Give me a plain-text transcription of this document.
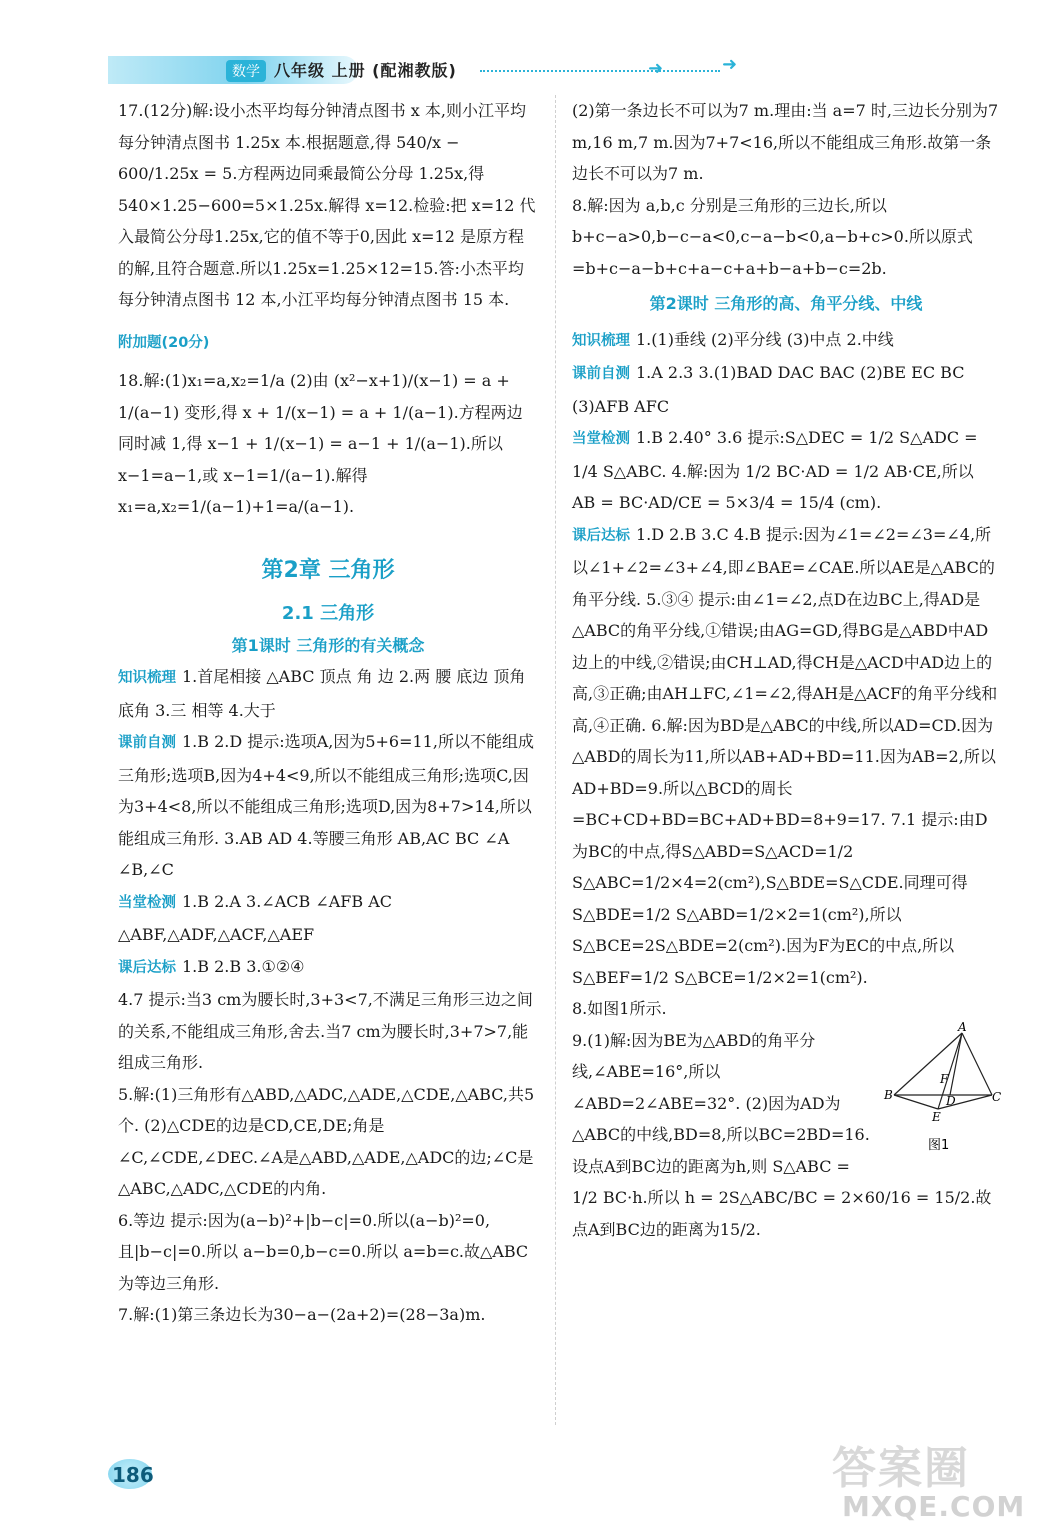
数学 八年级 上册 (配湘教版)	➜	➜

17.(12分)解:设小杰平均每分钟清点图书 x 本,则小江平均每分钟清点图书 1.25x 本.根据题意,得 540/x − 600/1.25x = 5.方程两边同乘最简公分母 1.25x,得 540×1.25−600=5×1.25x.解得 x=12.检验:把 x=12 代入最简公分母1.25x,它的值不等于0,因此 x=12 是原方程的解,且符合题意.所以1.25x=1.25×12=15.答:小杰平均每分钟清点图书 12 本,小江平均每分钟清点图书 15 本.

附加题(20分)

18.解:(1)x₁=a,x₂=1/a (2)由 (x²−x+1)/(x−1) = a + 1/(a−1) 变形,得 x + 1/(x−1) = a + 1/(a−1).方程两边同时减 1,得 x−1 + 1/(x−1) = a−1 + 1/(a−1).所以 x−1=a−1,或 x−1=1/(a−1).解得 x₁=a,x₂=1/(a−1)+1=a/(a−1).

第2章 三角形
2.1 三角形
第1课时 三角形的有关概念

知识梳理 1.首尾相接 △ABC 顶点 角 边 2.两 腰 底边 顶角 底角 3.三 相等 4.大于

课前自测 1.B 2.D 提示:选项A,因为5+6=11,所以不能组成三角形;选项B,因为4+4<9,所以不能组成三角形;选项C,因为3+4<8,所以不能组成三角形;选项D,因为8+7>14,所以能组成三角形. 3.AB AD 4.等腰三角形 AB,AC BC ∠A ∠B,∠C

当堂检测 1.B 2.A 3.∠ACB ∠AFB AC △ABF,△ADF,△ACF,△AEF

课后达标 1.B 2.B 3.①②④

4.7 提示:当3 cm为腰长时,3+3<7,不满足三角形三边之间的关系,不能组成三角形,舍去.当7 cm为腰长时,3+7>7,能组成三角形.

5.解:(1)三角形有△ABD,△ADC,△ADE,△CDE,△ABC,共5个. (2)△CDE的边是CD,CE,DE;角是∠C,∠CDE,∠DEC.∠A是△ABD,△ADE,△ADC的边;∠C是△ABC,△ADC,△CDE的内角.

6.等边 提示:因为(a−b)²+|b−c|=0.所以(a−b)²=0,且|b−c|=0.所以 a−b=0,b−c=0.所以 a=b=c.故△ABC为等边三角形.

7.解:(1)第三条边长为30−a−(2a+2)=(28−3a)m.

(2)第一条边长不可以为7 m.理由:当 a=7 时,三边长分别为7 m,16 m,7 m.因为7+7<16,所以不能组成三角形.故第一条边长不可以为7 m.

8.解:因为 a,b,c 分别是三角形的三边长,所以 b+c−a>0,b−c−a<0,c−a−b<0,a−b+c>0.所以原式=b+c−a−b+c+a−c+a+b−a+b−c=2b.

第2课时 三角形的高、角平分线、中线

知识梳理 1.(1)垂线 (2)平分线 (3)中点 2.中线

课前自测 1.A 2.3 3.(1)BAD DAC BAC (2)BE EC BC (3)AFB AFC

当堂检测 1.B 2.40° 3.6 提示:S△DEC = 1/2 S△ADC = 1/4 S△ABC. 4.解:因为 1/2 BC·AD = 1/2 AB·CE,所以 AB = BC·AD/CE = 5×3/4 = 15/4 (cm).

课后达标 1.D 2.B 3.C 4.B 提示:因为∠1=∠2=∠3=∠4,所以∠1+∠2=∠3+∠4,即∠BAE=∠CAE.所以AE是△ABC的角平分线. 5.③④ 提示:由∠1=∠2,点D在边BC上,得AD是△ABC的角平分线,①错误;由AG=GD,得BG是△ABD中AD边上的中线,②错误;由CH⊥AD,得CH是△ACD中AD边上的高,③正确;由AH⊥FC,∠1=∠2,得AH是△ACF的角平分线和高,④正确. 6.解:因为BD是△ABC的中线,所以AD=CD.因为△ABD的周长为11,所以AB+AD+BD=11.因为AB=2,所以AD+BD=9.所以△BCD的周长=BC+CD+BD=BC+AD+BD=8+9=17. 7.1 提示:由D为BC的中点,得S△ABD=S△ACD=1/2 S△ABC=1/2×4=2(cm²),S△BDE=S△CDE.同理可得 S△BDE=1/2 S△ABD=1/2×2=1(cm²),所以 S△BCE=2S△BDE=2(cm²).因为F为EC的中点,所以 S△BEF=1/2 S△BCE=1/2×2=1(cm²).

8.如图1所示.

A
B	C
D
E
F
图1

9.(1)解:因为BE为△ABD的角平分线,∠ABE=16°,所以∠ABD=2∠ABE=32°. (2)因为AD为△ABC的中线,BD=8,所以BC=2BD=16.设点A到BC边的距离为h,则 S△ABC = 1/2 BC·h.所以 h = 2S△ABC/BC = 2×60/16 = 15/2.故点A到BC边的距离为15/2.

186	答案圈
MXQE.COM
